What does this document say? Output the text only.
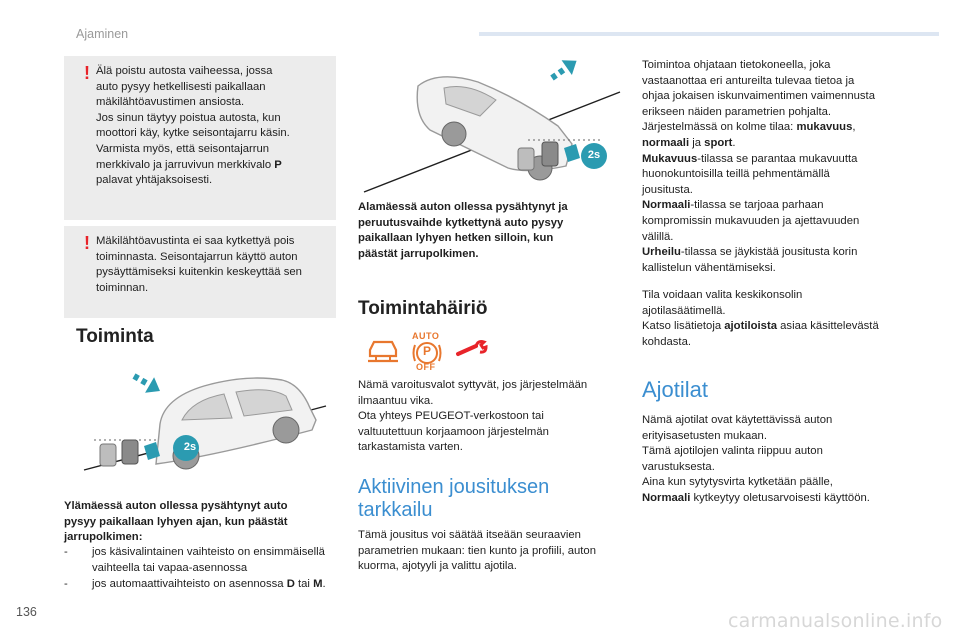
Ajaminen
136	carmanualsonline.info
! Älä poistu autosta vaiheessa, jossa
auto pysyy hetkellisesti paikallaan
mäkilähtöavustimen ansiosta.
Jos sinun täytyy poistua autosta, kun
moottori käy, kytke seisontajarru käsin.
Varmista myös, että seisontajarrun
merkkivalo ja jarruvivun merkkivalo P
palavat yhtäjaksoisesti.
! Mäkilähtöavustinta ei saa kytkettyä pois
toiminnasta. Seisontajarrun käyttö auton
pysäyttämiseksi kuitenkin keskeyttää sen
toiminnan.
Toiminta
2s
Ylämäessä auton ollessa pysähtynyt auto
pysyy paikallaan lyhyen ajan, kun päästät
jarrupolkimen:
- jos käsivalintainen vaihteisto on ensimmäisellä
vaihteella tai vapaa-asennossa
- jos automaattivaihteisto on asennossa D tai M.
2s
Alamäessä auton ollessa pysähtynyt ja
peruutusvaihde kytkettynä auto pysyy
paikallaan lyhyen hetken silloin, kun
päästät jarrupolkimen.
Toimintahäiriö
AUTO
P
OFF
Nämä varoitusvalot syttyvät, jos järjestelmään
ilmaantuu vika.
Ota yhteys PEUGEOT-verkostoon tai
valtuutettuun korjaamoon järjestelmän
tarkastamista varten.
Aktiivinen jousituksen
tarkkailu
Tämä jousitus voi säätää itseään seuraavien
parametrien mukaan: tien kunto ja profiili, auton
kuorma, ajotyyli ja valittu ajotila.
Toimintoa ohjataan tietokoneella, joka
vastaanottaa eri antureilta tulevaa tietoa ja
ohjaa jokaisen iskunvaimentimen vaimennusta
erikseen näiden parametrien pohjalta.
Järjestelmässä on kolme tilaa: mukavuus,
normaali ja sport.
Mukavuus-tilassa se parantaa mukavuutta
huonokuntoisilla teillä pehmentämällä
jousitusta.
Normaali-tilassa se tarjoaa parhaan
kompromissin mukavuuden ja ajettavuuden
välillä.
Urheilu-tilassa se jäykistää jousitusta korin
kallistelun vähentämiseksi.
Tila voidaan valita keskikonsolin
ajotilasäätimellä.
Katso lisätietoja ajotiloista asiaa käsittelevästä
kohdasta.
Ajotilat
Nämä ajotilat ovat käytettävissä auton
erityisasetusten mukaan.
Tämä ajotilojen valinta riippuu auton
varustuksesta.
Aina kun sytytysvirta kytketään päälle,
Normaali kytkeytyy oletusarvoisesti käyttöön.
